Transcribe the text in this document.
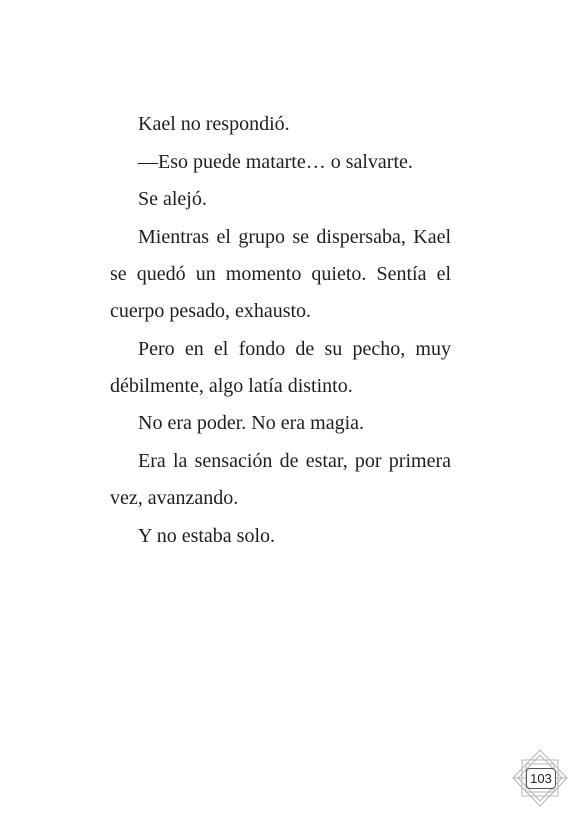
Kael no respondió.

—Eso puede matarte… o salvarte.

Se alejó.

Mientras el grupo se dispersaba, Kael se quedó un momento quieto. Sentía el cuerpo pesado, exhausto.

Pero en el fondo de su pecho, muy débilmente, algo latía distinto.

No era poder. No era magia.

Era la sensación de estar, por primera vez, avanzando.

Y no estaba solo.

103
